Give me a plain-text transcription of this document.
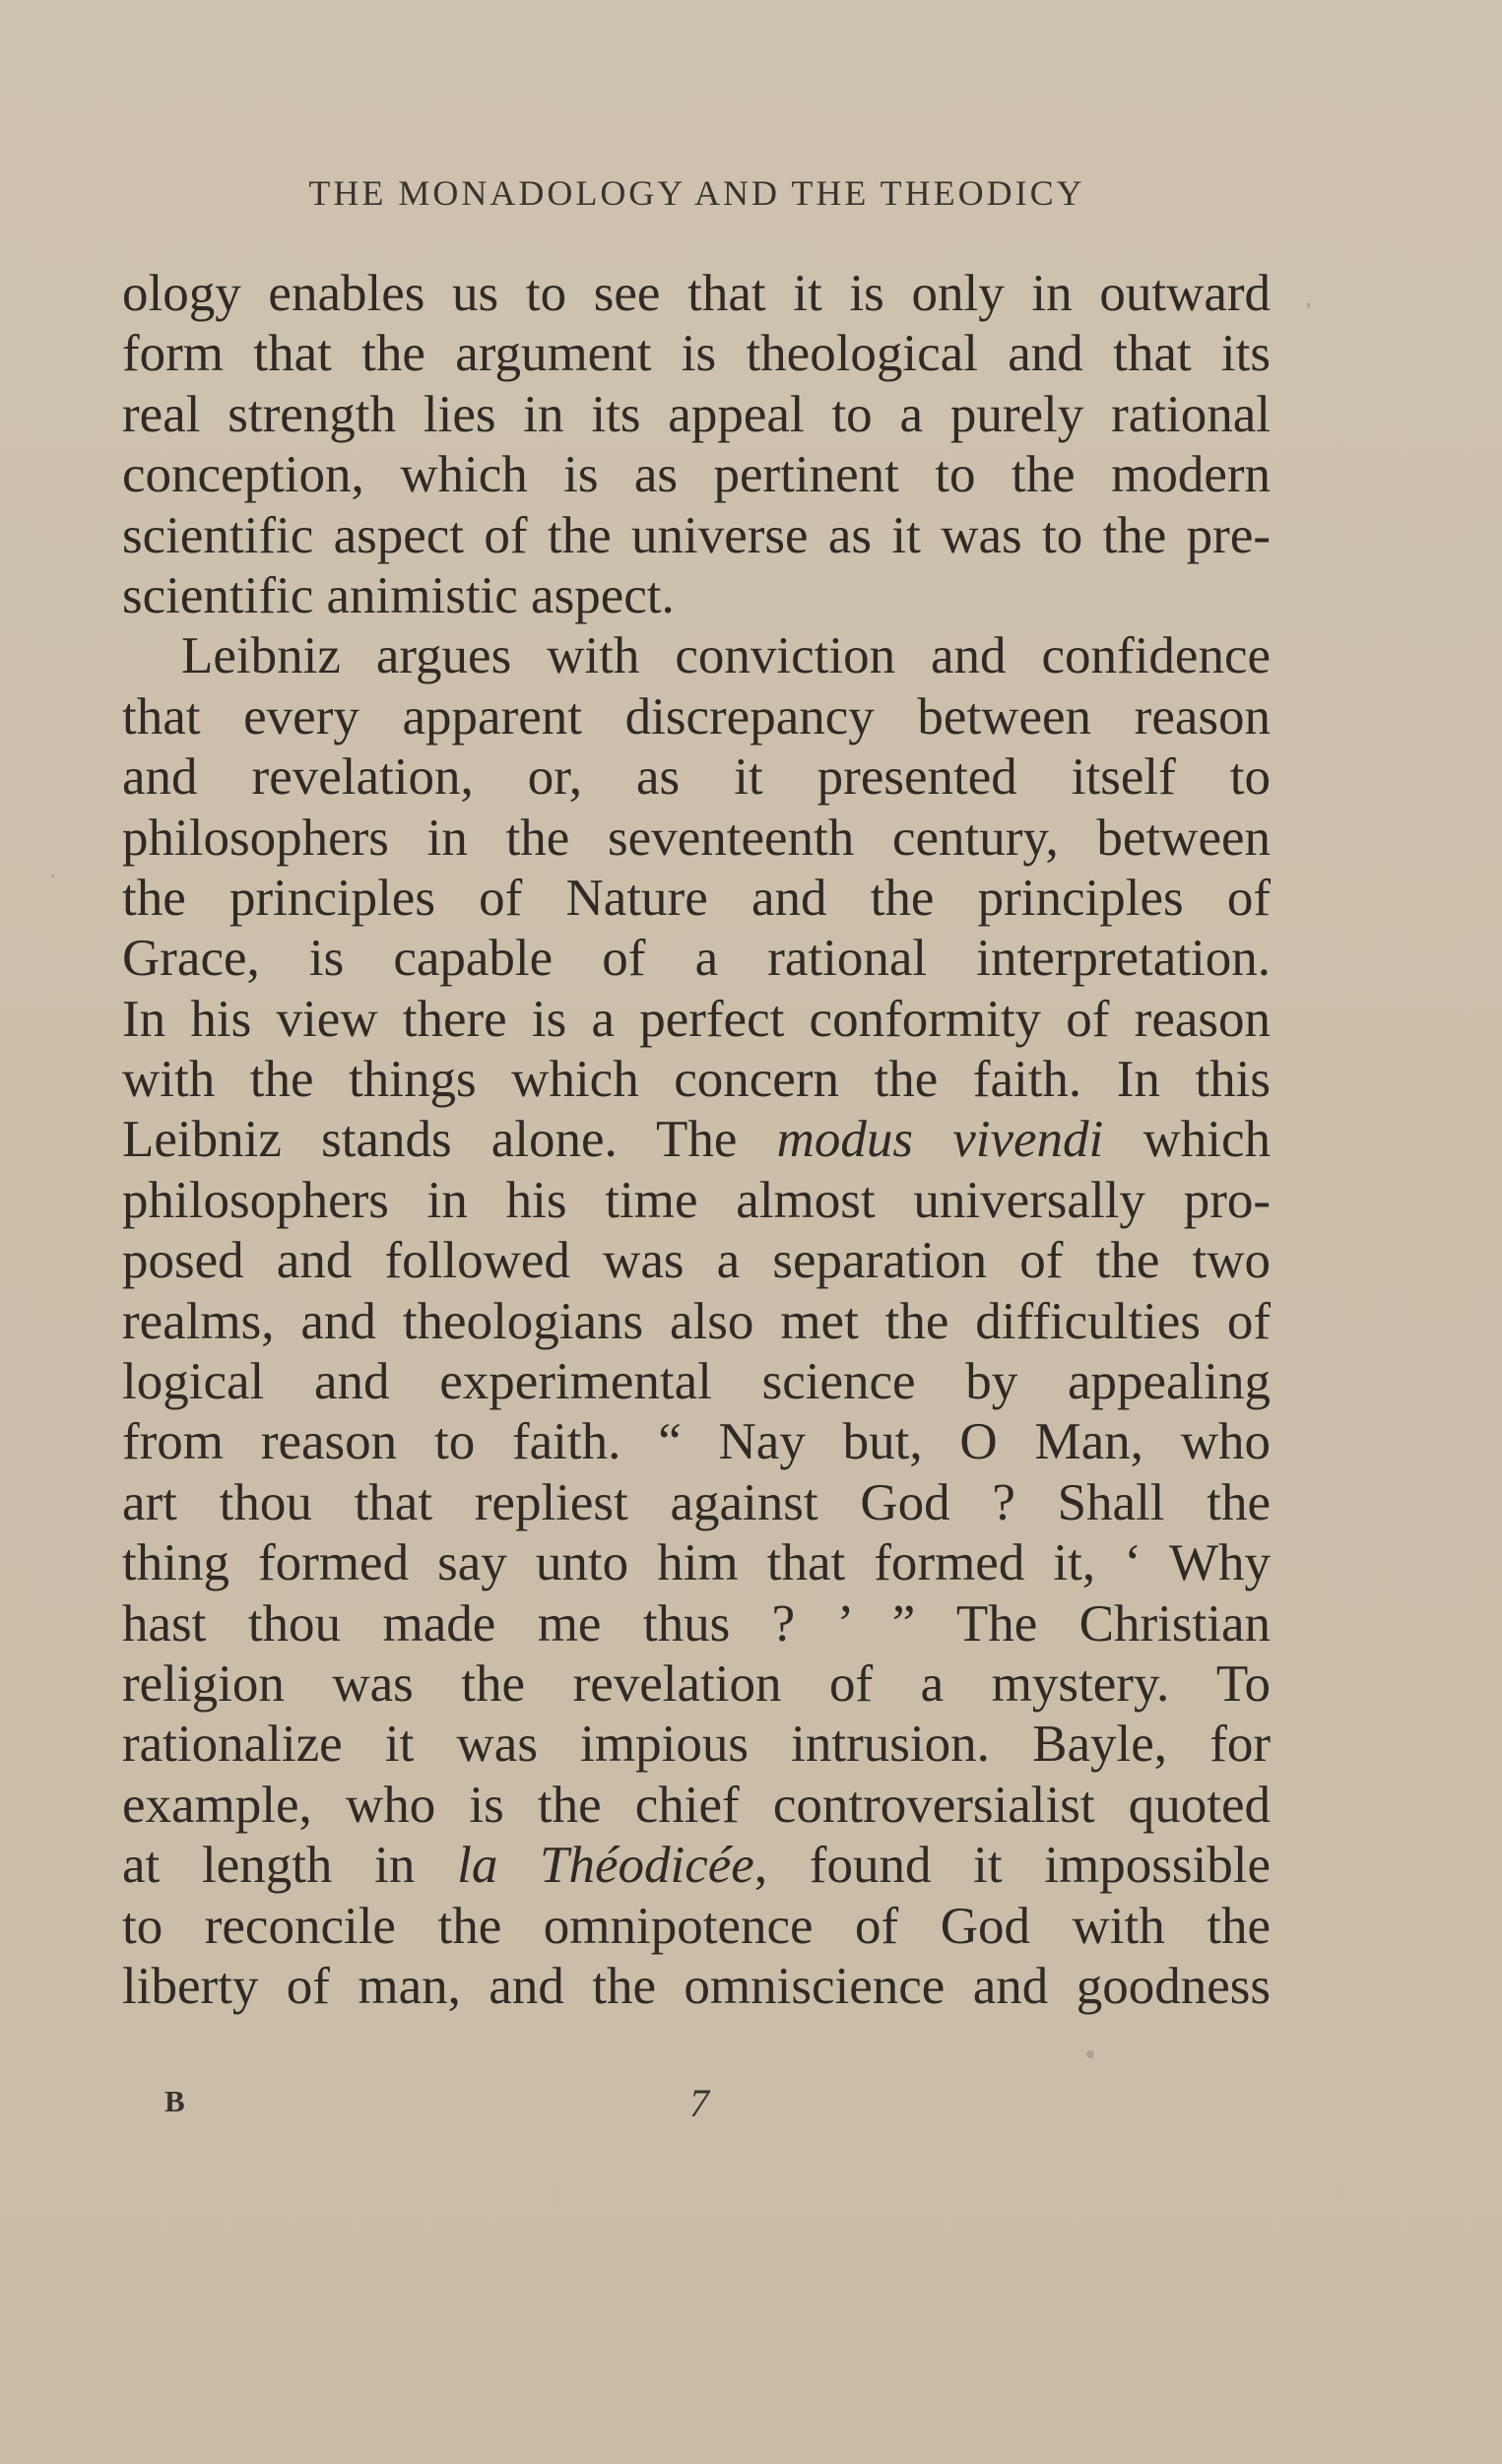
THE MONADOLOGY AND THE THEODICY
ology enables us to see that it is only in outward
form that the argument is theological and that its
real strength lies in its appeal to a purely rational
conception, which is as pertinent to the modern
scientific aspect of the universe as it was to the pre-
scientific animistic aspect.
Leibniz argues with conviction and confidence
that every apparent discrepancy between reason
and revelation, or, as it presented itself to
philosophers in the seventeenth century, between
the principles of Nature and the principles of
Grace, is capable of a rational interpretation.
In his view there is a perfect conformity of reason
with the things which concern the faith. In this
Leibniz stands alone. The modus vivendi which
philosophers in his time almost universally pro-
posed and followed was a separation of the two
realms, and theologians also met the difficulties of
logical and experimental science by appealing
from reason to faith. “ Nay but, O Man, who
art thou that repliest against God ? Shall the
thing formed say unto him that formed it, ‘ Why
hast thou made me thus ? ’ ” The Christian
religion was the revelation of a mystery. To
rationalize it was impious intrusion. Bayle, for
example, who is the chief controversialist quoted
at length in la Théodicée, found it impossible
to reconcile the omnipotence of God with the
liberty of man, and the omniscience and goodness
B	7
